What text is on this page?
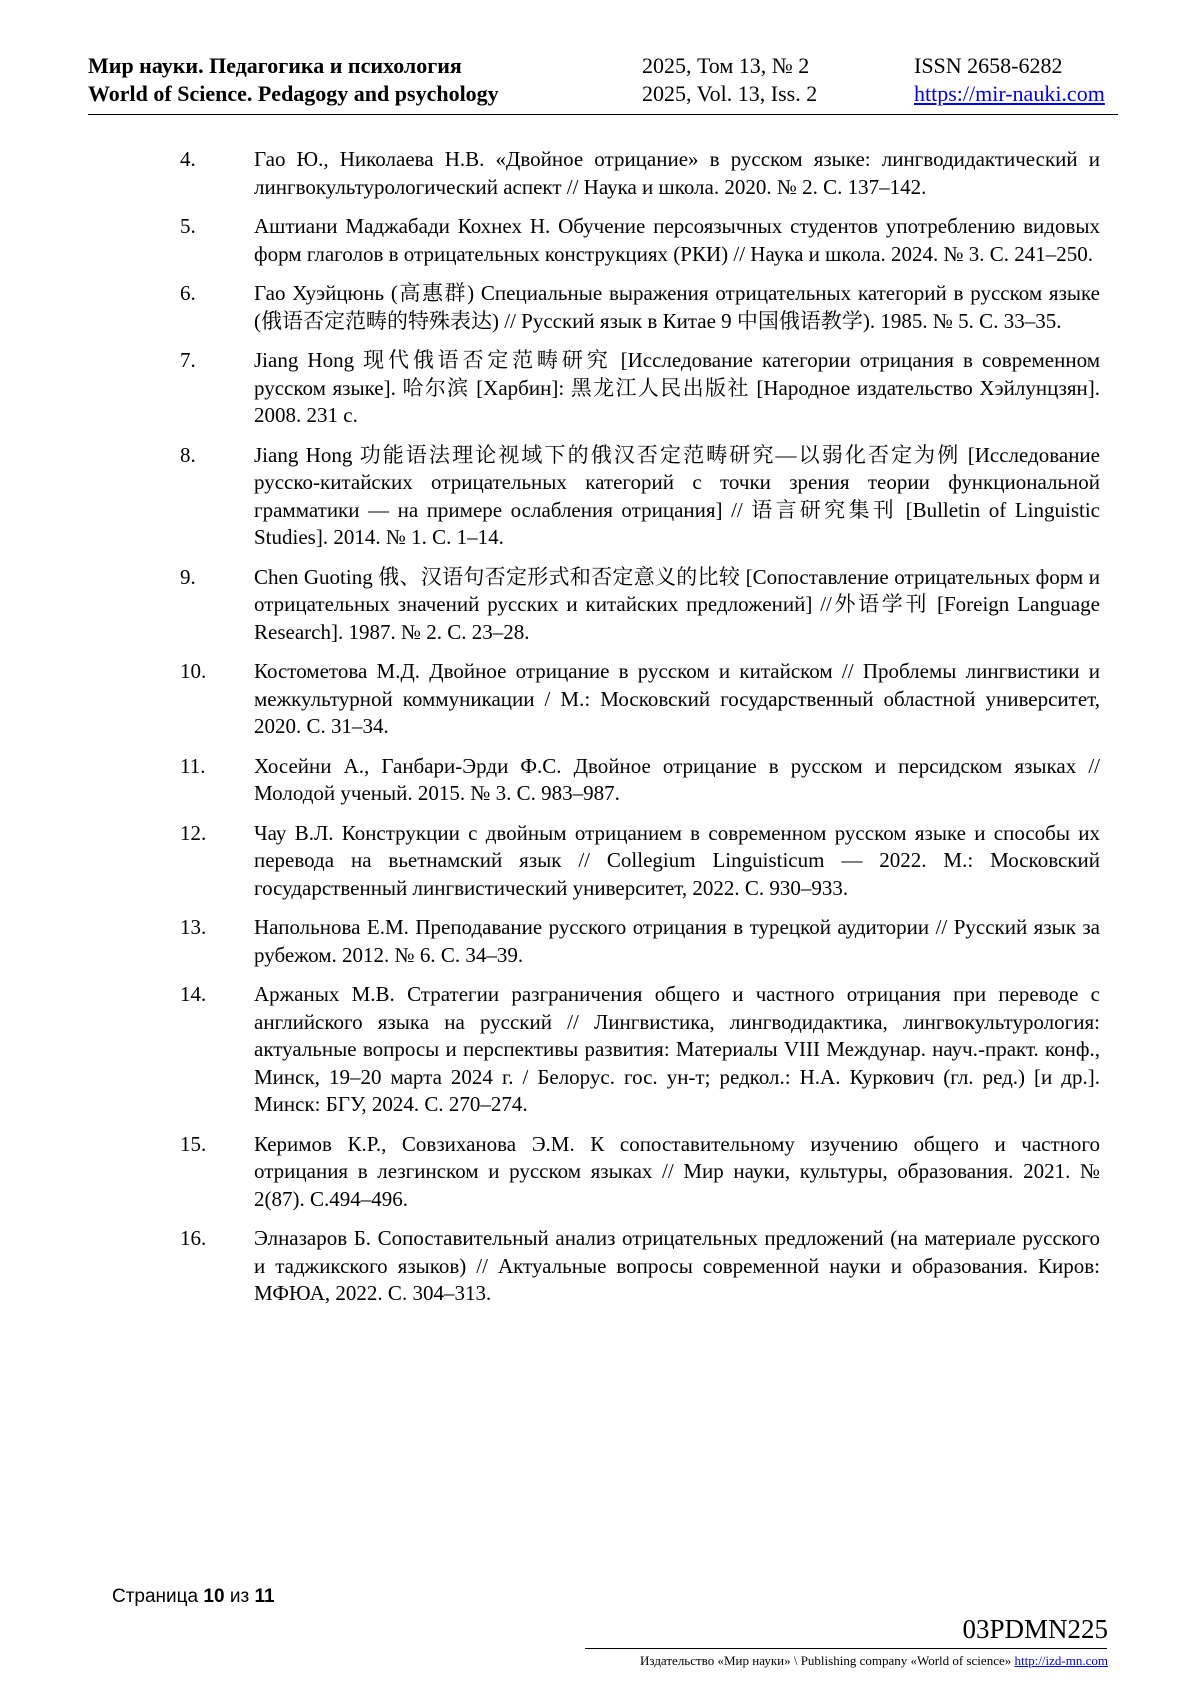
Мир науки. Педагогика и психология
World of Science. Pedagogy and psychology
2025, Том 13, № 2
2025, Vol. 13, Iss. 2
ISSN 2658-6282
https://mir-nauki.com
4.	Гао Ю., Николаева Н.В. «Двойное отрицание» в русском языке: лингводидактический и лингвокультурологический аспект // Наука и школа. 2020. № 2. С. 137–142.
5.	Аштиани Маджабади Кохнех Н. Обучение персоязычных студентов употреблению видовых форм глаголов в отрицательных конструкциях (РКИ) // Наука и школа. 2024. № 3. С. 241–250.
6.	Гао Хуэйцюнь (高惠群) Специальные выражения отрицательных категорий в русском языке (俄语否定范畴的特殊表达) // Русский язык в Китае 9 中国俄语教学). 1985. № 5. С. 33–35.
7.	Jiang Hong 现代俄语否定范畴研究 [Исследование категории отрицания в современном русском языке]. 哈尔滨 [Харбин]: 黑龙江人民出版社 [Народное издательство Хэйлунцзян]. 2008. 231 с.
8.	Jiang Hong 功能语法理论视域下的俄汉否定范畴研究—以弱化否定为例 [Исследование русско-китайских отрицательных категорий с точки зрения теории функциональной грамматики — на примере ослабления отрицания] // 语言研究集刊 [Bulletin of Linguistic Studies]. 2014. № 1. С. 1–14.
9.	Chen Guoting 俄、汉语句否定形式和否定意义的比较 [Сопоставление отрицательных форм и отрицательных значений русских и китайских предложений] //外语学刊 [Foreign Language Research]. 1987. № 2. С. 23–28.
10. Костометова М.Д. Двойное отрицание в русском и китайском // Проблемы лингвистики и межкультурной коммуникации / М.: Московский государственный областной университет, 2020. С. 31–34.
11. Хосейни А., Ганбари-Эрди Ф.С. Двойное отрицание в русском и персидском языках // Молодой ученый. 2015. № 3. С. 983–987.
12. Чау В.Л. Конструкции с двойным отрицанием в современном русском языке и способы их перевода на вьетнамский язык // Collegium Linguisticum — 2022. М.: Московский государственный лингвистический университет, 2022. С. 930–933.
13. Напольнова Е.М. Преподавание русского отрицания в турецкой аудитории // Русский язык за рубежом. 2012. № 6. С. 34–39.
14. Аржаных М.В. Стратегии разграничения общего и частного отрицания при переводе с английского языка на русский // Лингвистика, лингводидактика, лингвокультурология: актуальные вопросы и перспективы развития: Материалы VIII Междунар. науч.-практ. конф., Минск, 19–20 марта 2024 г. / Белорус. гос. ун-т; редкол.: Н.А. Куркович (гл. ред.) [и др.]. Минск: БГУ, 2024. С. 270–274.
15. Керимов К.Р., Совзиханова Э.М. К сопоставительному изучению общего и частного отрицания в лезгинском и русском языках // Мир науки, культуры, образования. 2021. № 2(87). С.494–496.
16. Элназаров Б. Сопоставительный анализ отрицательных предложений (на материале русского и таджикского языков) // Актуальные вопросы современной науки и образования. Киров: МФЮА, 2022. С. 304–313.
Страница 10 из 11
03PDMN225
Издательство «Мир науки» \ Publishing company «World of science» http://izd-mn.com
